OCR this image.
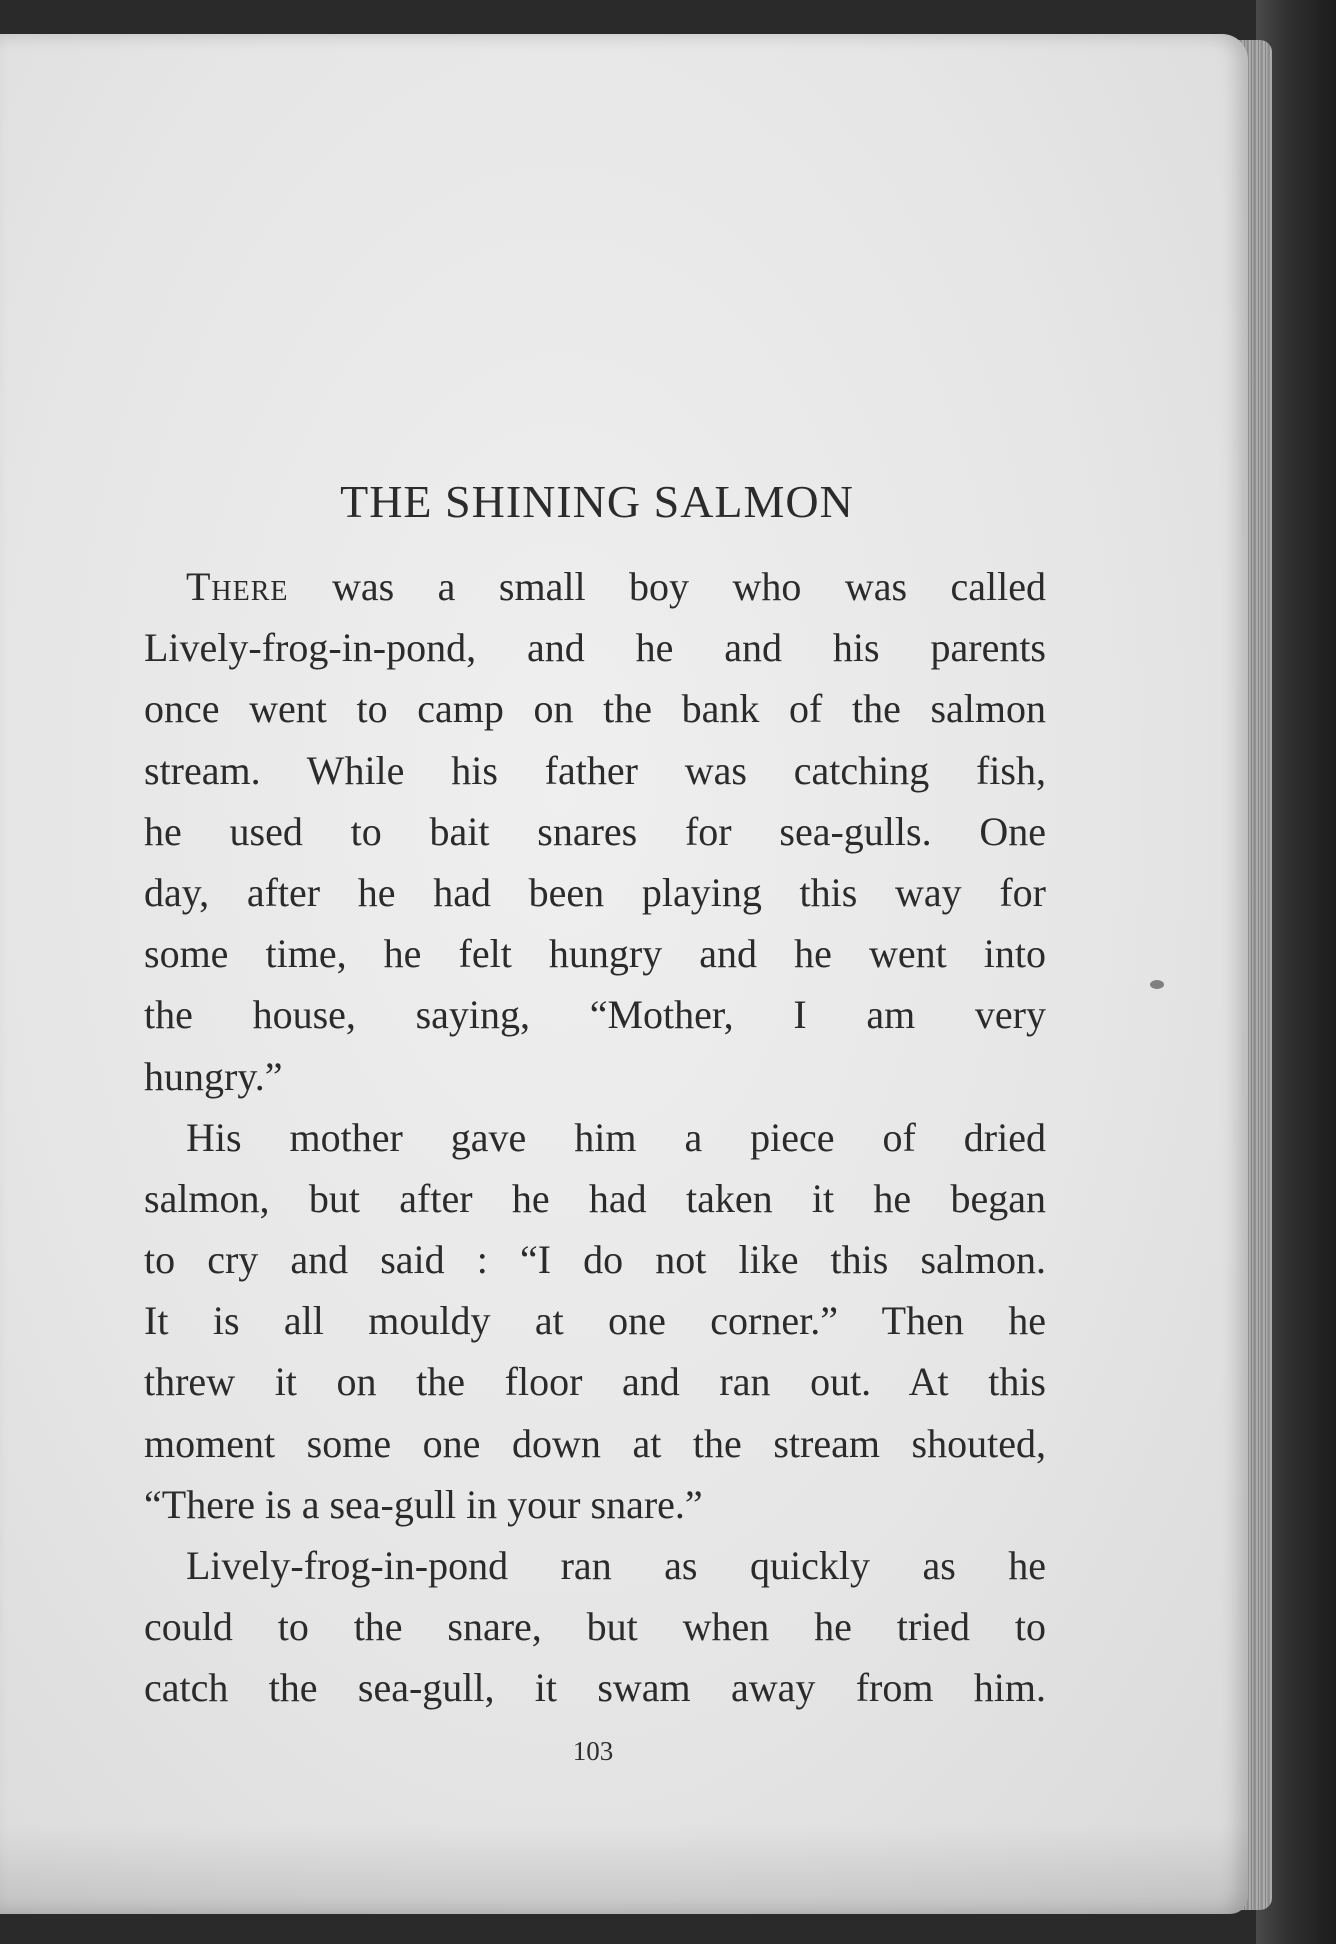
THE SHINING SALMON
There was a small boy who was called
Lively-frog-in-pond, and he and his parents
once went to camp on the bank of the salmon
stream. While his father was catching fish,
he used to bait snares for sea-gulls. One
day, after he had been playing this way for
some time, he felt hungry and he went into
the house, saying, “Mother, I am very
hungry.”
His mother gave him a piece of dried
salmon, but after he had taken it he began
to cry and said : “I do not like this salmon.
It is all mouldy at one corner.” Then he
threw it on the floor and ran out. At this
moment some one down at the stream shouted,
“There is a sea-gull in your snare.”
Lively-frog-in-pond ran as quickly as he
could to the snare, but when he tried to
catch the sea-gull, it swam away from him.
103
